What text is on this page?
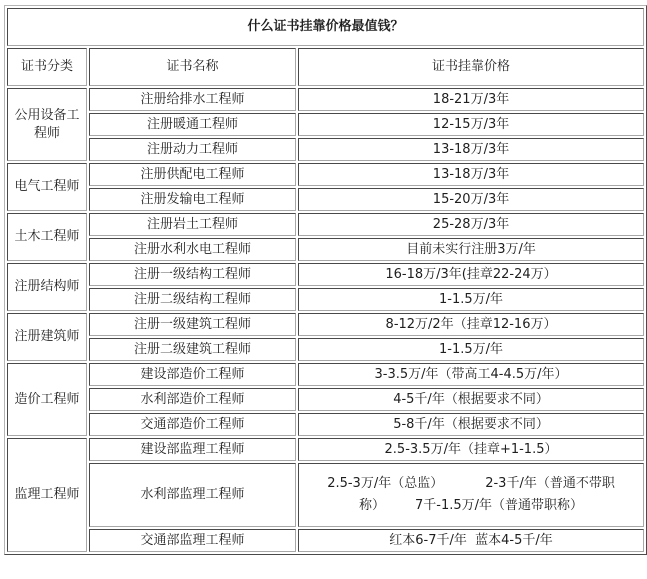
什么证书挂靠价格最值钱？		
证书分类	证书名称	证书挂靠价格
公用设备工程师	注册给排水工程师	18-21万/3年
	注册暖通工程师	12-15万/3年
	注册动力工程师	13-18万/3年
电气工程师	注册供配电工程师	13-18万/3年
	注册发输电工程师	15-20万/3年
土木工程师	注册岩土工程师	25-28万/3年
	注册水利水电工程师	目前未实行注册3万/年
注册结构师	注册一级结构工程师	16-18万/3年(挂章22-24万）
	注册二级结构工程师	1-1.5万/年
注册建筑师	注册一级建筑工程师	8-12万/2年（挂章12-16万）
	注册二级建筑工程师	1-1.5万/年
造价工程师	建设部造价工程师	3-3.5万/年（带高工4-4.5万/年）
	水利部造价工程师	4-5千/年（根据要求不同）
	交通部造价工程师	5-8千/年（根据要求不同）
监理工程师	建设部监理工程师	2.5-3.5万/年（挂章+1-1.5）
	水利部监理工程师	2.5-3万/年（总监） 2-3千/年（普通不带职
称） 7千-1.5万/年（普通带职称）
	交通部监理工程师	红本6-7千/年  蓝本4-5千/年
